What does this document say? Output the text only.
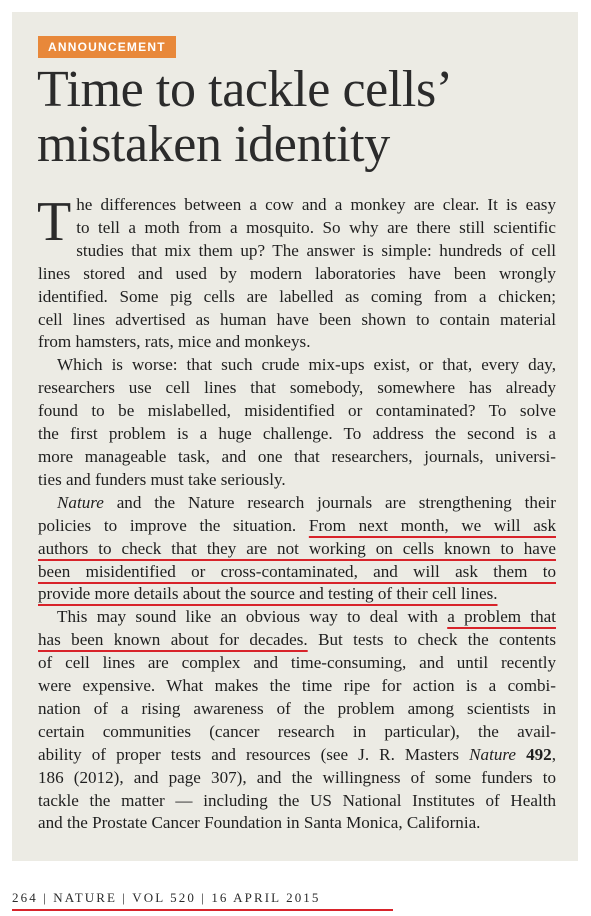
ANNOUNCEMENT
Time to tackle cells’
mistaken identity
T he differences between a cow and a monkey are clear. It is easy
to tell a moth from a mosquito. So why are there still scientific
studies that mix them up? The answer is simple: hundreds of cell
lines stored and used by modern laboratories have been wrongly
identified. Some pig cells are labelled as coming from a chicken;
cell lines advertised as human have been shown to contain material
from hamsters, rats, mice and monkeys.
Which is worse: that such crude mix-ups exist, or that, every day,
researchers use cell lines that somebody, somewhere has already
found to be mislabelled, misidentified or contaminated? To solve
the first problem is a huge challenge. To address the second is a
more manageable task, and one that researchers, journals, universi-
ties and funders must take seriously.
Nature and the Nature research journals are strengthening their
policies to improve the situation. From next month, we will ask
authors to check that they are not working on cells known to have
been misidentified or cross-contaminated, and will ask them to
provide more details about the source and testing of their cell lines.
This may sound like an obvious way to deal with a problem that
has been known about for decades. But tests to check the contents
of cell lines are complex and time-consuming, and until recently
were expensive. What makes the time ripe for action is a combi-
nation of a rising awareness of the problem among scientists in
certain communities (cancer research in particular), the avail-
ability of proper tests and resources (see J. R. Masters Nature 492,
186 (2012), and page 307), and the willingness of some funders to
tackle the matter — including the US National Institutes of Health
and the Prostate Cancer Foundation in Santa Monica, California.
264 | NATURE | VOL 520 | 16 APRIL 2015
